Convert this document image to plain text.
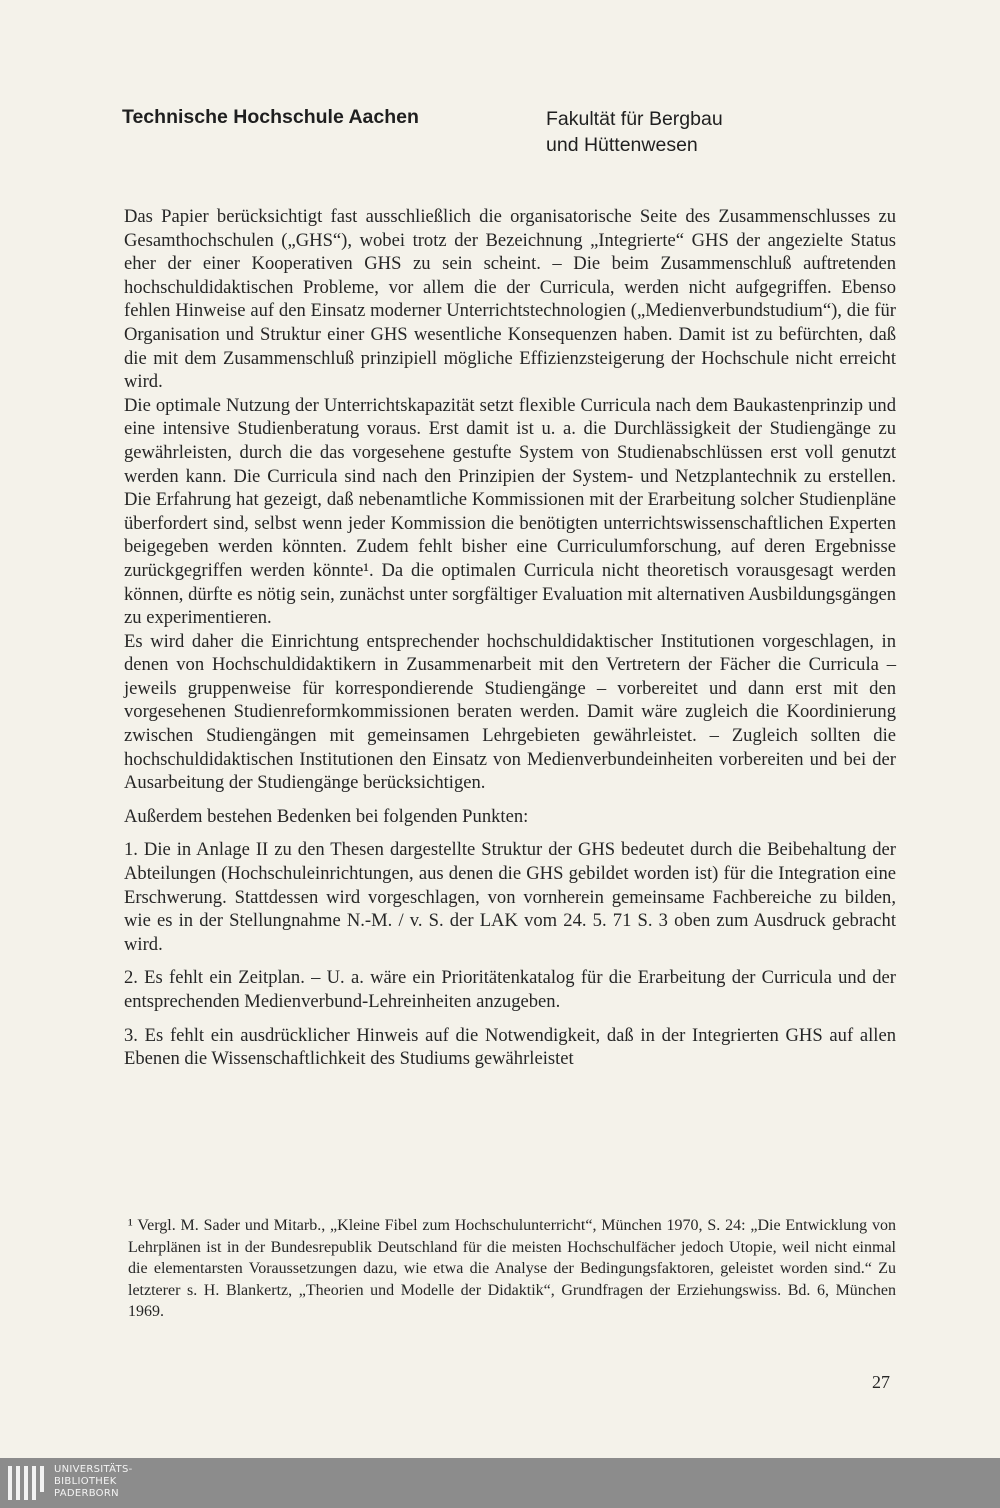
Technische Hochschule Aachen	Fakultät für Bergbau
und Hüttenwesen

Das Papier berücksichtigt fast ausschließlich die organisatorische Seite des Zusammenschlusses zu Gesamthochschulen („GHS“), wobei trotz der Bezeichnung „Integrierte“ GHS der angezielte Status eher der einer Kooperativen GHS zu sein scheint. – Die beim Zusammenschluß auftretenden hochschuldidaktischen Probleme, vor allem die der Curricula, werden nicht aufgegriffen. Ebenso fehlen Hinweise auf den Einsatz moderner Unterrichtstechnologien („Medienverbundstudium“), die für Organisation und Struktur einer GHS wesentliche Konsequenzen haben. Damit ist zu befürchten, daß die mit dem Zusammenschluß prinzipiell mögliche Effizienzsteigerung der Hochschule nicht erreicht wird.

Die optimale Nutzung der Unterrichtskapazität setzt flexible Curricula nach dem Baukastenprinzip und eine intensive Studienberatung voraus. Erst damit ist u. a. die Durchlässigkeit der Studiengänge zu gewährleisten, durch die das vorgesehene gestufte System von Studienabschlüssen erst voll genutzt werden kann. Die Curricula sind nach den Prinzipien der System- und Netzplantechnik zu erstellen. Die Erfahrung hat gezeigt, daß nebenamtliche Kommissionen mit der Erarbeitung solcher Studienpläne überfordert sind, selbst wenn jeder Kommission die benötigten unterrichtswissenschaftlichen Experten beigegeben werden könnten. Zudem fehlt bisher eine Curriculumforschung, auf deren Ergebnisse zurückgegriffen werden könnte¹. Da die optimalen Curricula nicht theoretisch vorausgesagt werden können, dürfte es nötig sein, zunächst unter sorgfältiger Evaluation mit alternativen Ausbildungsgängen zu experimentieren.

Es wird daher die Einrichtung entsprechender hochschuldidaktischer Institutionen vorgeschlagen, in denen von Hochschuldidaktikern in Zusammenarbeit mit den Vertretern der Fächer die Curricula – jeweils gruppenweise für korrespondierende Studiengänge – vorbereitet und dann erst mit den vorgesehenen Studienreformkommissionen beraten werden. Damit wäre zugleich die Koordinierung zwischen Studiengängen mit gemeinsamen Lehrgebieten gewährleistet. – Zugleich sollten die hochschuldidaktischen Institutionen den Einsatz von Medienverbundeinheiten vorbereiten und bei der Ausarbeitung der Studiengänge berücksichtigen.

Außerdem bestehen Bedenken bei folgenden Punkten:

1. Die in Anlage II zu den Thesen dargestellte Struktur der GHS bedeutet durch die Beibehaltung der Abteilungen (Hochschuleinrichtungen, aus denen die GHS gebildet worden ist) für die Integration eine Erschwerung. Stattdessen wird vorgeschlagen, von vornherein gemeinsame Fachbereiche zu bilden, wie es in der Stellungnahme N.-M. / v. S. der LAK vom 24. 5. 71 S. 3 oben zum Ausdruck gebracht wird.

2. Es fehlt ein Zeitplan. – U. a. wäre ein Prioritätenkatalog für die Erarbeitung der Curricula und der entsprechenden Medienverbund-Lehreinheiten anzugeben.

3. Es fehlt ein ausdrücklicher Hinweis auf die Notwendigkeit, daß in der Integrierten GHS auf allen Ebenen die Wissenschaftlichkeit des Studiums gewährleistet

¹ Vergl. M. Sader und Mitarb., „Kleine Fibel zum Hochschulunterricht“, München 1970, S. 24: „Die Entwicklung von Lehrplänen ist in der Bundesrepublik Deutschland für die meisten Hochschulfächer jedoch Utopie, weil nicht einmal die elementarsten Voraussetzungen dazu, wie etwa die Analyse der Bedingungsfaktoren, geleistet worden sind.“ Zu letzterer s. H. Blankertz, „Theorien und Modelle der Didaktik“, Grundfragen der Erziehungswiss. Bd. 6, München 1969.

27
UNIVERSITÄTS-
BIBLIOTHEK
PADERBORN
